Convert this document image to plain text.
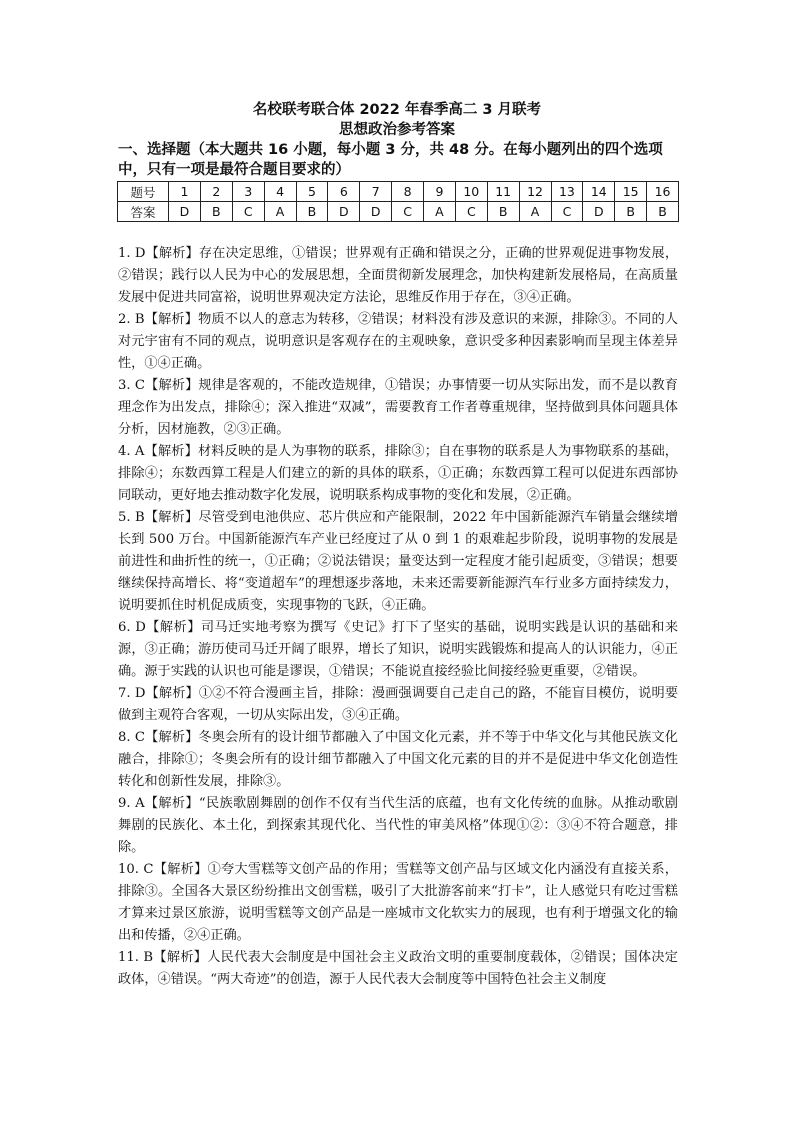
名校联考联合体 2022 年春季高二 3 月联考
思想政治参考答案
一、选择题（本大题共 16 小题，每小题 3 分，共 48 分。在每小题列出的四个选项中，只有一项是最符合题目要求的）
题号	1	2	3	4	5	6	7	8	9	10	11	12	13	14	15	16
答案	D	B	C	A	B	D	D	C	A	C	B	A	C	D	B	B

1. D【解析】存在决定思维，①错误；世界观有正确和错误之分，正确的世界观促进事物发展，②错误；践行以人民为中心的发展思想，全面贯彻新发展理念，加快构建新发展格局，在高质量发展中促进共同富裕，说明世界观决定方法论，思维反作用于存在，③④正确。

2. B【解析】物质不以人的意志为转移，②错误；材料没有涉及意识的来源，排除③。不同的人对元宇宙有不同的观点，说明意识是客观存在的主观映象，意识受多种因素影响而呈现主体差异性，①④正确。

3. C【解析】规律是客观的，不能改造规律，①错误；办事情要一切从实际出发，而不是以教育理念作为出发点，排除④；深入推进“双减”，需要教育工作者尊重规律，坚持做到具体问题具体分析，因材施教，②③正确。

4. A【解析】材料反映的是人为事物的联系，排除③；自在事物的联系是人为事物联系的基础，排除④；东数西算工程是人们建立的新的具体的联系，①正确；东数西算工程可以促进东西部协同联动，更好地去推动数字化发展，说明联系构成事物的变化和发展，②正确。

5. B【解析】尽管受到电池供应、芯片供应和产能限制，2022 年中国新能源汽车销量会继续增长到 500 万台。中国新能源汽车产业已经度过了从 0 到 1 的艰难起步阶段，说明事物的发展是前进性和曲折性的统一，①正确；②说法错误；量变达到一定程度才能引起质变，③错误；想要继续保持高增长、将“变道超车”的理想逐步落地，未来还需要新能源汽车行业多方面持续发力，说明要抓住时机促成质变，实现事物的飞跃，④正确。

6. D【解析】司马迁实地考察为撰写《史记》打下了坚实的基础，说明实践是认识的基础和来源，③正确；游历使司马迁开阔了眼界，增长了知识，说明实践锻炼和提高人的认识能力，④正确。源于实践的认识也可能是谬误，①错误；不能说直接经验比间接经验更重要，②错误。

7. D【解析】①②不符合漫画主旨，排除：漫画强调要自己走自己的路，不能盲目模仿，说明要做到主观符合客观，一切从实际出发，③④正确。

8. C【解析】冬奥会所有的设计细节都融入了中国文化元素，并不等于中华文化与其他民族文化融合，排除①；冬奥会所有的设计细节都融入了中国文化元素的目的并不是促进中华文化创造性转化和创新性发展，排除③。

9. A【解析】“民族歌剧舞剧的创作不仅有当代生活的底蕴，也有文化传统的血脉。从推动歌剧舞剧的民族化、本土化，到探索其现代化、当代性的审美风格”体现①②：③④不符合题意，排除。

10. C【解析】①夸大雪糕等文创产品的作用；雪糕等文创产品与区域文化内涵没有直接关系，排除③。全国各大景区纷纷推出文创雪糕，吸引了大批游客前来“打卡”，让人感觉只有吃过雪糕才算来过景区旅游，说明雪糕等文创产品是一座城市文化软实力的展现，也有利于增强文化的输出和传播，②④正确。

11. B【解析】人民代表大会制度是中国社会主义政治文明的重要制度载体，②错误；国体决定政体，④错误。“两大奇迹”的创造，源于人民代表大会制度等中国特色社会主义制度
